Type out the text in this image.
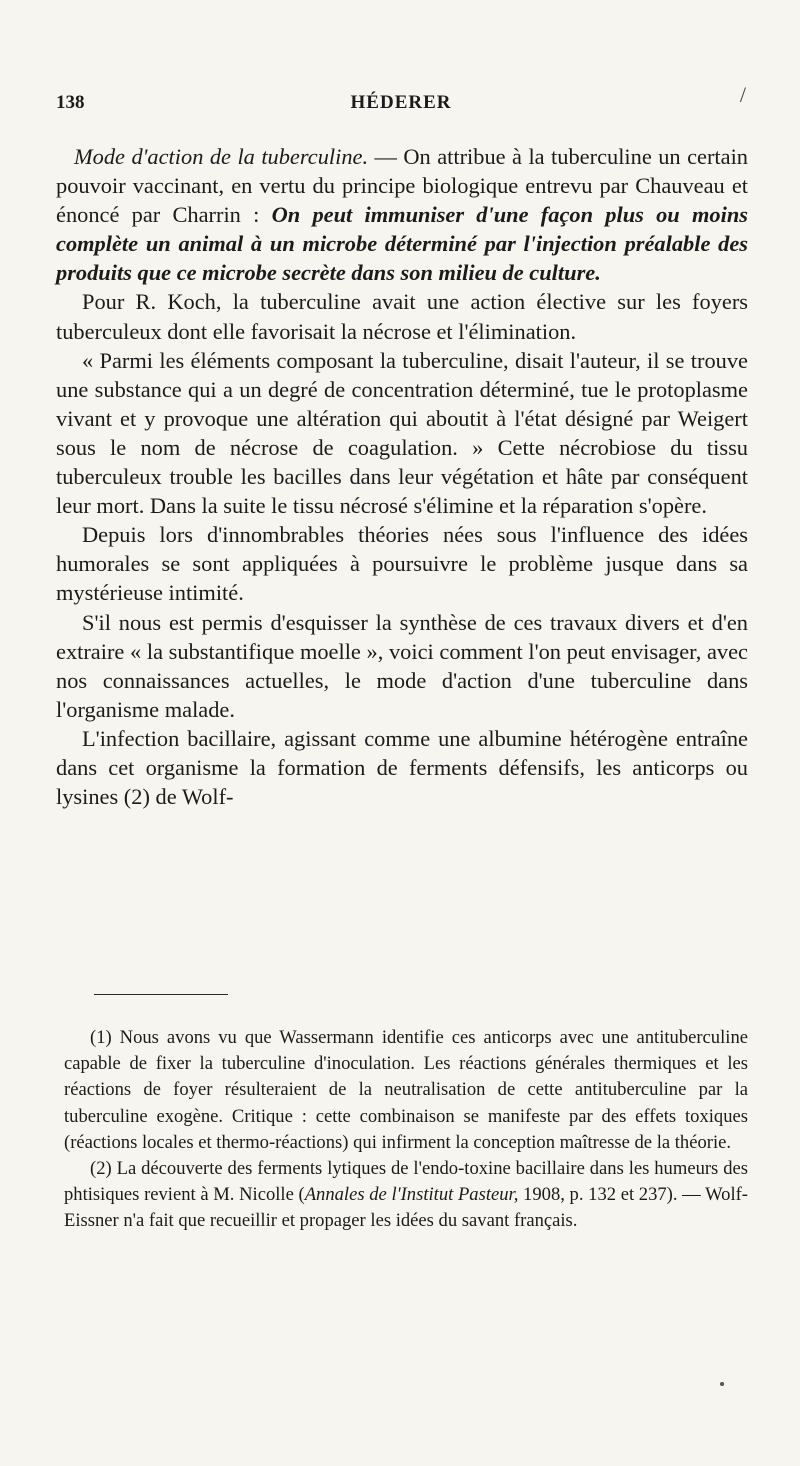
138	HÉDERER	/

Mode d'action de la tuberculine. — On attribue à la tuberculine un certain pouvoir vaccinant, en vertu du principe biologique entrevu par Chauveau et énoncé par Charrin : On peut immuniser d'une façon plus ou moins complète un animal à un microbe déterminé par l'injection préalable des produits que ce microbe secrète dans son milieu de culture.

Pour R. Koch, la tuberculine avait une action élective sur les foyers tuberculeux dont elle favorisait la nécrose et l'élimination.

« Parmi les éléments composant la tuberculine, disait l'auteur, il se trouve une substance qui a un degré de concentration déterminé, tue le protoplasme vivant et y provoque une altération qui aboutit à l'état désigné par Weigert sous le nom de nécrose de coagulation. » Cette nécrobiose du tissu tuberculeux trouble les bacilles dans leur végétation et hâte par conséquent leur mort. Dans la suite le tissu nécrosé s'élimine et la réparation s'opère.

Depuis lors d'innombrables théories nées sous l'influence des idées humorales se sont appliquées à poursuivre le problème jusque dans sa mystérieuse intimité.

S'il nous est permis d'esquisser la synthèse de ces travaux divers et d'en extraire « la substantifique moelle », voici comment l'on peut envisager, avec nos connaissances actuelles, le mode d'action d'une tuberculine dans l'organisme malade.

L'infection bacillaire, agissant comme une albumine hétérogène entraîne dans cet organisme la formation de ferments défensifs, les anticorps ou lysines (2) de Wolf-

(1) Nous avons vu que Wassermann identifie ces anticorps avec une antituberculine capable de fixer la tuberculine d'inoculation. Les réactions générales thermiques et les réactions de foyer résulteraient de la neutralisation de cette antituberculine par la tuberculine exogène. Critique : cette combinaison se manifeste par des effets toxiques (réactions locales et thermo-réactions) qui infirment la conception maîtresse de la théorie.

(2) La découverte des ferments lytiques de l'endo-toxine bacillaire dans les humeurs des phtisiques revient à M. Nicolle (Annales de l'Institut Pasteur, 1908, p. 132 et 237). — Wolf-Eissner n'a fait que recueillir et propager les idées du savant français.
